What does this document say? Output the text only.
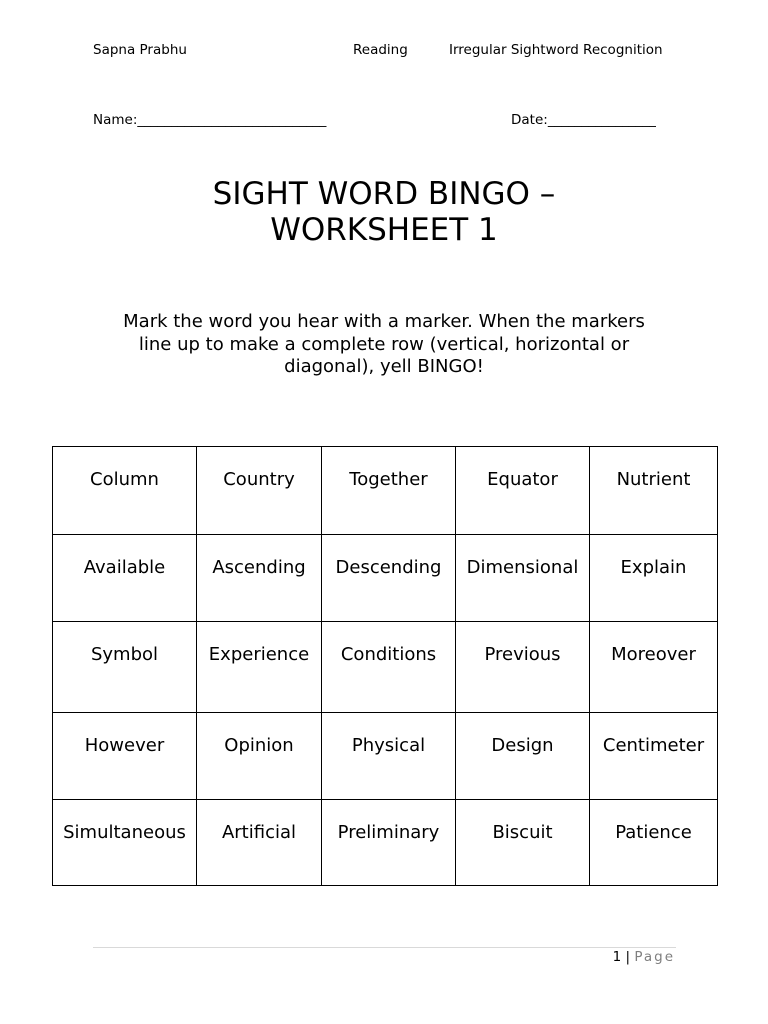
Sapna Prabhu	Reading	Irregular Sightword Recognition
Name:____________________________	Date:________________
SIGHT WORD BINGO –
WORKSHEET 1

Mark the word you hear with a marker. When the markers line up to make a complete row (vertical, horizontal or diagonal), yell BINGO!

Column	Country	Together	Equator	Nutrient
Available	Ascending	Descending	Dimensional	Explain
Symbol	Experience	Conditions	Previous	Moreover
However	Opinion	Physical	Design	Centimeter
Simultaneous	Artificial	Preliminary	Biscuit	Patience
1 | Page
